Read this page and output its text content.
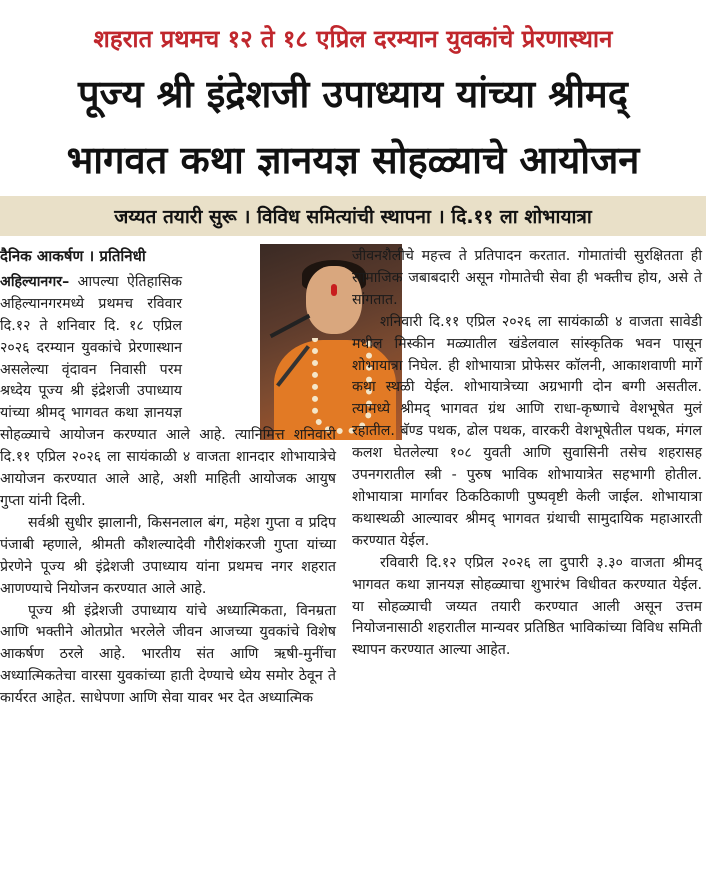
शहरात प्रथमच १२ ते १८ एप्रिल दरम्यान युवकांचे प्रेरणास्थान
पूज्य श्री इंद्रेशजी उपाध्याय यांच्या श्रीमद्
भागवत कथा ज्ञानयज्ञ सोहळ्याचे आयोजन
जय्यत तयारी सुरू । विविध समित्यांची स्थापना । दि.११ ला शोभायात्रा
दैनिक आकर्षण । प्रतिनिधी

अहिल्यानगर– आपल्या ऐतिहासिक अहिल्यानगरमध्ये प्रथमच रविवार दि.१२ ते शनिवार दि. १८ एप्रिल २०२६ दरम्यान युवकांचे प्रेरणास्थान असलेल्या वृंदावन निवासी परम श्रध्देय पूज्य श्री इंद्रेशजी उपाध्याय यांच्या श्रीमद् भागवत कथा ज्ञानयज्ञ सोहळ्याचे आयोजन करण्यात आले आहे. त्यानिमित्त शनिवारी दि.११ एप्रिल २०२६ ला सायंकाळी ४ वाजता शानदार शोभायात्रेचे आयोजन करण्यात आले आहे, अशी माहिती आयोजक आयुष गुप्ता यांनी दिली.

सर्वश्री सुधीर झालानी, किसनलाल बंग, महेश गुप्ता व प्रदिप पंजाबी म्हणाले, श्रीमती कौशल्यादेवी गौरीशंकरजी गुप्ता यांच्या प्रेरणेने पूज्य श्री इंद्रेशजी उपाध्याय यांना प्रथमच नगर शहरात आणण्याचे नियोजन करण्यात आले आहे.

पूज्य श्री इंद्रेशजी उपाध्याय यांचे अध्यात्मिकता, विनम्रता आणि भक्तीने ओतप्रोत भरलेले जीवन आजच्या युवकांचे विशेष आकर्षण ठरले आहे. भारतीय संत आणि ऋषी-मुनींचा अध्यात्मिकतेचा वारसा युवकांच्या हाती देण्याचे ध्येय समोर ठेवून ते कार्यरत आहेत. साधेपणा आणि सेवा यावर भर देत अध्यात्मिक

जीवनशैलीचे महत्त्व ते प्रतिपादन करतात. गोमातांची सुरक्षितता ही सामाजिक जबाबदारी असून गोमातेची सेवा ही भक्तीच होय, असे ते सांगतात.

शनिवारी दि.११ एप्रिल २०२६ ला सायंकाळी ४ वाजता सावेडी मधील मिस्कीन मळ्यातील खंडेलवाल सांस्कृतिक भवन पासून शोभायात्रा निघेल. ही शोभायात्रा प्रोफेसर कॉलनी, आकाशवाणी मार्गे कथा स्थळी येईल. शोभायात्रेच्या अग्रभागी दोन बग्गी असतील. त्यामध्ये श्रीमद् भागवत ग्रंथ आणि राधा-कृष्णाचे वेशभूषेत मुलं रहातील. बॅण्ड पथक, ढोल पथक, वारकरी वेशभूषेतील पथक, मंगल कलश घेतलेल्या १०८ युवती आणि सुवासिनी तसेच शहरासह उपनगरातील स्त्री - पुरुष भाविक शोभायात्रेत सहभागी होतील. शोभायात्रा मार्गावर ठिकठिकाणी पुष्पवृष्टी केली जाईल. शोभायात्रा कथास्थळी आल्यावर श्रीमद् भागवत ग्रंथाची सामुदायिक महाआरती करण्यात येईल.

रविवारी दि.१२ एप्रिल २०२६ ला दुपारी ३.३० वाजता श्रीमद् भागवत कथा ज्ञानयज्ञ सोहळ्याचा शुभारंभ विधीवत करण्यात येईल. या सोहळ्याची जय्यत तयारी करण्यात आली असून उत्तम नियोजनासाठी शहरातील मान्यवर प्रतिष्ठित भाविकांच्या विविध समिती स्थापन करण्यात आल्या आहेत.
